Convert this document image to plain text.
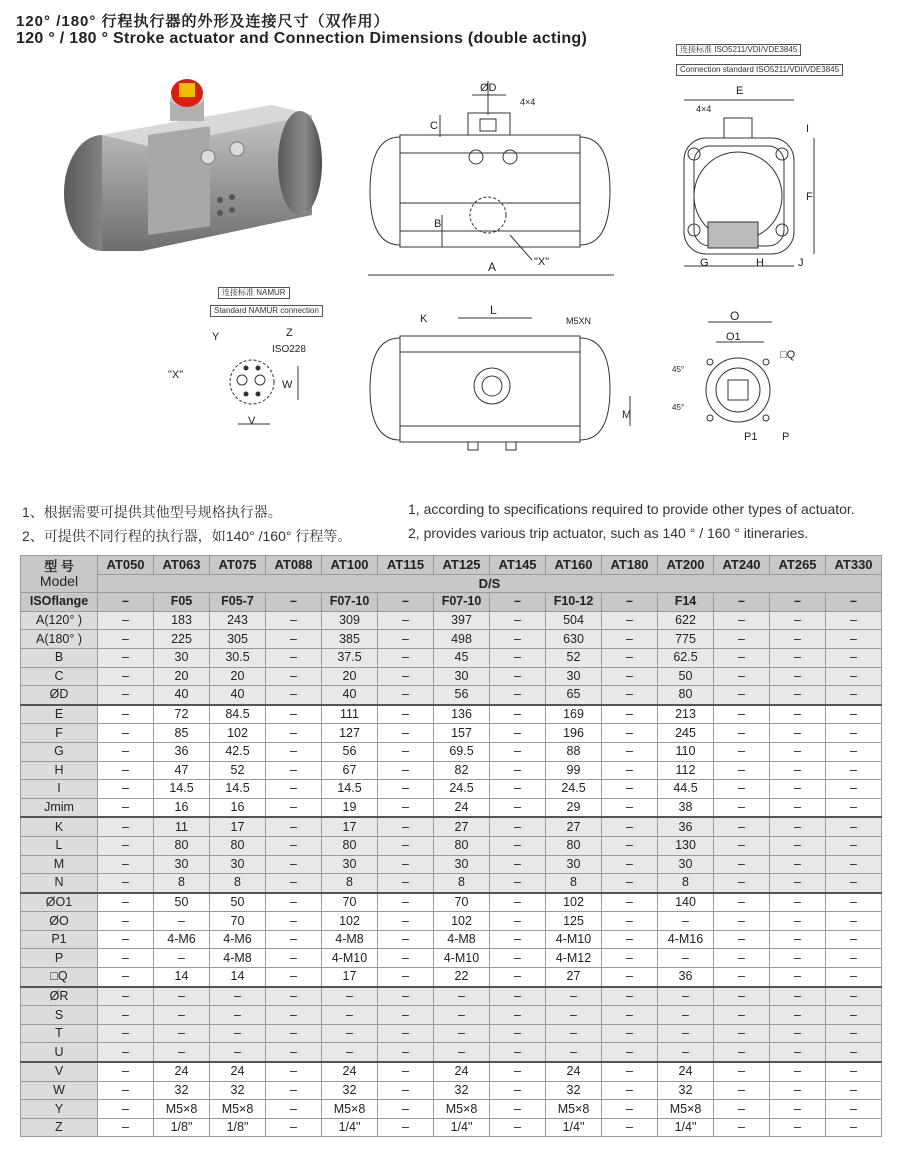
120° /180° 行程执行器的外形及连接尺寸（双作用）
120 ° / 180 ° Stroke actuator and Connection Dimensions (double acting)
连接标准 ISO5211/VDI/VDE3845
Connection standard ISO5211/VDI/VDE3845
连接标准 NAMUR
Standard NAMUR connection
ØD
4×4
C
B
A	"X"
E
4×4
I
F
G	H	J
"X"
Y	Z
ISO228
W
V
L
K	M5XN
M
O
O1
□Q
45°
45°
P1 P
1、根据需要可提供其他型号规格执行器。
2、可提供不同行程的执行器，如140° /160° 行程等。
1, according to specifications required to provide other types of actuator.
2, provides various trip actuator, such as 140 ° / 160 ° itineraries.
型 号
Model	AT050	AT063	AT075	AT088	AT100	AT115	AT125	AT145	AT160	AT180	AT200	AT240	AT265	AT330
	D/S													
ISOflange	–	F05	F05-7	–	F07-10	–	F07-10	–	F10-12	–	F14	–	–	–
A(120° )	–	183	243	–	309	–	397	–	504	–	622	–	–	–
A(180° )	–	225	305	–	385	–	498	–	630	–	775	–	–	–
B	–	30	30.5	–	37.5	–	45	–	52	–	62.5	–	–	–
C	–	20	20	–	20	–	30	–	30	–	50	–	–	–
ØD	–	40	40	–	40	–	56	–	65	–	80	–	–	–
E	–	72	84.5	–	111	–	136	–	169	–	213	–	–	–
F	–	85	102	–	127	–	157	–	196	–	245	–	–	–
G	–	36	42.5	–	56	–	69.5	–	88	–	110	–	–	–
H	–	47	52	–	67	–	82	–	99	–	112	–	–	–
I	–	14.5	14.5	–	14.5	–	24.5	–	24.5	–	44.5	–	–	–
Jmim	–	16	16	–	19	–	24	–	29	–	38	–	–	–
K	–	11	17	–	17	–	27	–	27	–	36	–	–	–
L	–	80	80	–	80	–	80	–	80	–	130	–	–	–
M	–	30	30	–	30	–	30	–	30	–	30	–	–	–
N	–	8	8	–	8	–	8	–	8	–	8	–	–	–
ØO1	–	50	50	–	70	–	70	–	102	–	140	–	–	–
ØO	–	–	70	–	102	–	102	–	125	–	–	–	–	–
P1	–	4-M6	4-M6	–	4-M8	–	4-M8	–	4-M10	–	4-M16	–	–	–
P	–	–	4-M8	–	4-M10	–	4-M10	–	4-M12	–	–	–	–	–
□Q	–	14	14	–	17	–	22	–	27	–	36	–	–	–
ØR	–	–	–	–	–	–	–	–	–	–	–	–	–	–
S	–	–	–	–	–	–	–	–	–	–	–	–	–	–
T	–	–	–	–	–	–	–	–	–	–	–	–	–	–
U	–	–	–	–	–	–	–	–	–	–	–	–	–	–
V	–	24	24	–	24	–	24	–	24	–	24	–	–	–
W	–	32	32	–	32	–	32	–	32	–	32	–	–	–
Y	–	M5×8	M5×8	–	M5×8	–	M5×8	–	M5×8	–	M5×8	–	–	–
Z	–	1/8"	1/8"	–	1/4"	–	1/4"	–	1/4"	–	1/4"	–	–	–
